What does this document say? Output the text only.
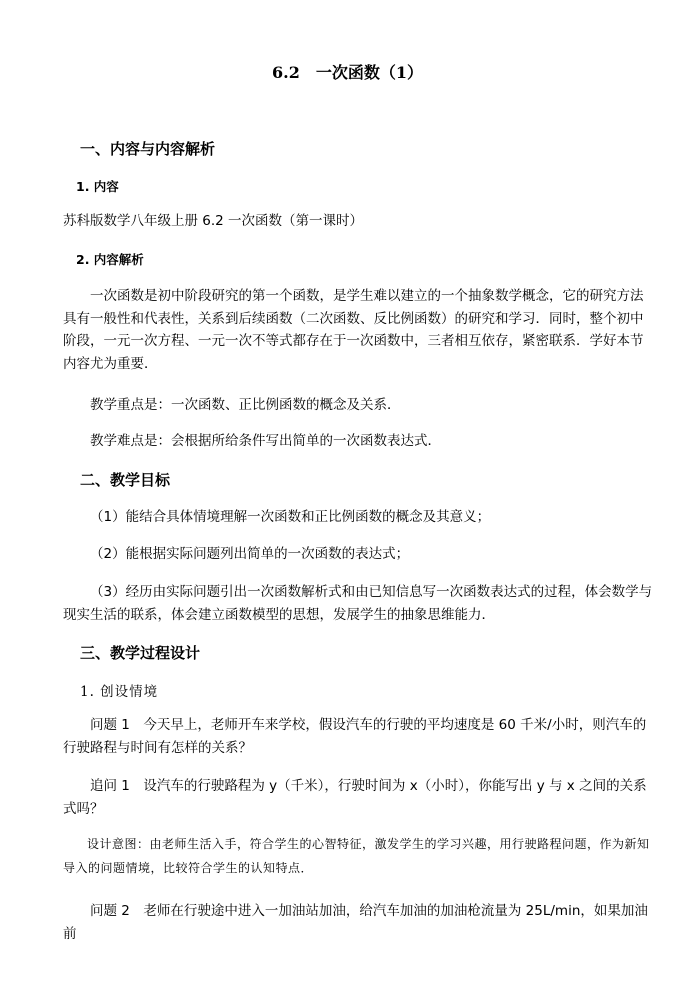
6.2　一次函数（1）
一、内容与内容解析
1. 内容
苏科版数学八年级上册 6.2 一次函数（第一课时）
2. 内容解析
一次函数是初中阶段研究的第一个函数，是学生难以建立的一个抽象数学概念，它的研究方法具有一般性和代表性，关系到后续函数（二次函数、反比例函数）的研究和学习．同时，整个初中阶段，一元一次方程、一元一次不等式都存在于一次函数中，三者相互依存，紧密联系．学好本节内容尤为重要．
教学重点是：一次函数、正比例函数的概念及关系．
教学难点是：会根据所给条件写出简单的一次函数表达式．
二、教学目标
（1）能结合具体情境理解一次函数和正比例函数的概念及其意义；
（2）能根据实际问题列出简单的一次函数的表达式；
（3）经历由实际问题引出一次函数解析式和由已知信息写一次函数表达式的过程，体会数学与现实生活的联系，体会建立函数模型的思想，发展学生的抽象思维能力．
三、教学过程设计
1. 创设情境
问题 1　今天早上，老师开车来学校，假设汽车的行驶的平均速度是 60 千米/小时，则汽车的行驶路程与时间有怎样的关系？
追问 1　设汽车的行驶路程为 y（千米），行驶时间为 x（小时），你能写出 y 与 x 之间的关系式吗？
设计意图：由老师生活入手，符合学生的心智特征，激发学生的学习兴趣，用行驶路程问题，作为新知导入的问题情境，比较符合学生的认知特点．
问题 2　老师在行驶途中进入一加油站加油，给汽车加油的加油枪流量为 25L/min，如果加油前
